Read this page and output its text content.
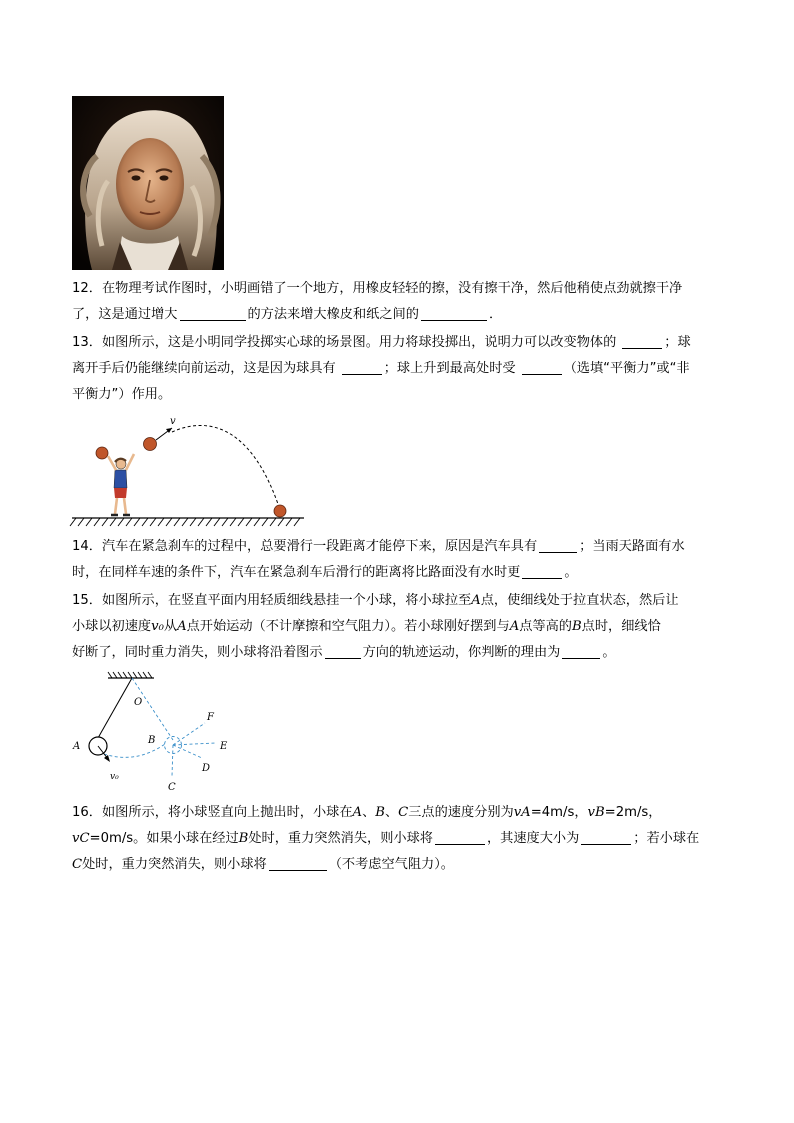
12．在物理考试作图时，小明画错了一个地方，用橡皮轻轻的擦，没有擦干净，然后他稍使点劲就擦干净
了，这是通过增大	的方法来增大橡皮和纸之间的	．
13．如图所示，这是小明同学投掷实心球的场景图。用力将球投掷出，说明力可以改变物体的	；球
离开手后仍能继续向前运动，这是因为球具有	；球上升到最高处时受	（选填“平衡力”或“非
平衡力”）作用。
v
14．汽车在紧急刹车的过程中，总要滑行一段距离才能停下来，原因是汽车具有	；当雨天路面有水
时，在同样车速的条件下，汽车在紧急刹车后滑行的距离将比路面没有水时更	。
15．如图所示，在竖直平面内用轻质细线悬挂一个小球，将小球拉至A点，使细线处于拉直状态，然后让
小球以初速度v₀从A点开始运动（不计摩擦和空气阻力）。若小球刚好摆到与A点等高的B点时，细线恰
好断了，同时重力消失，则小球将沿着图示	方向的轨迹运动，你判断的理由为	。
O
A
B
C
D
E
F
v₀
16．如图所示，将小球竖直向上抛出时，小球在A、B、C三点的速度分别为vA=4m/s，vB=2m/s，
vC=0m/s。如果小球在经过B处时，重力突然消失，则小球将	，其速度大小为	；若小球在
C处时，重力突然消失，则小球将	（不考虑空气阻力）。
